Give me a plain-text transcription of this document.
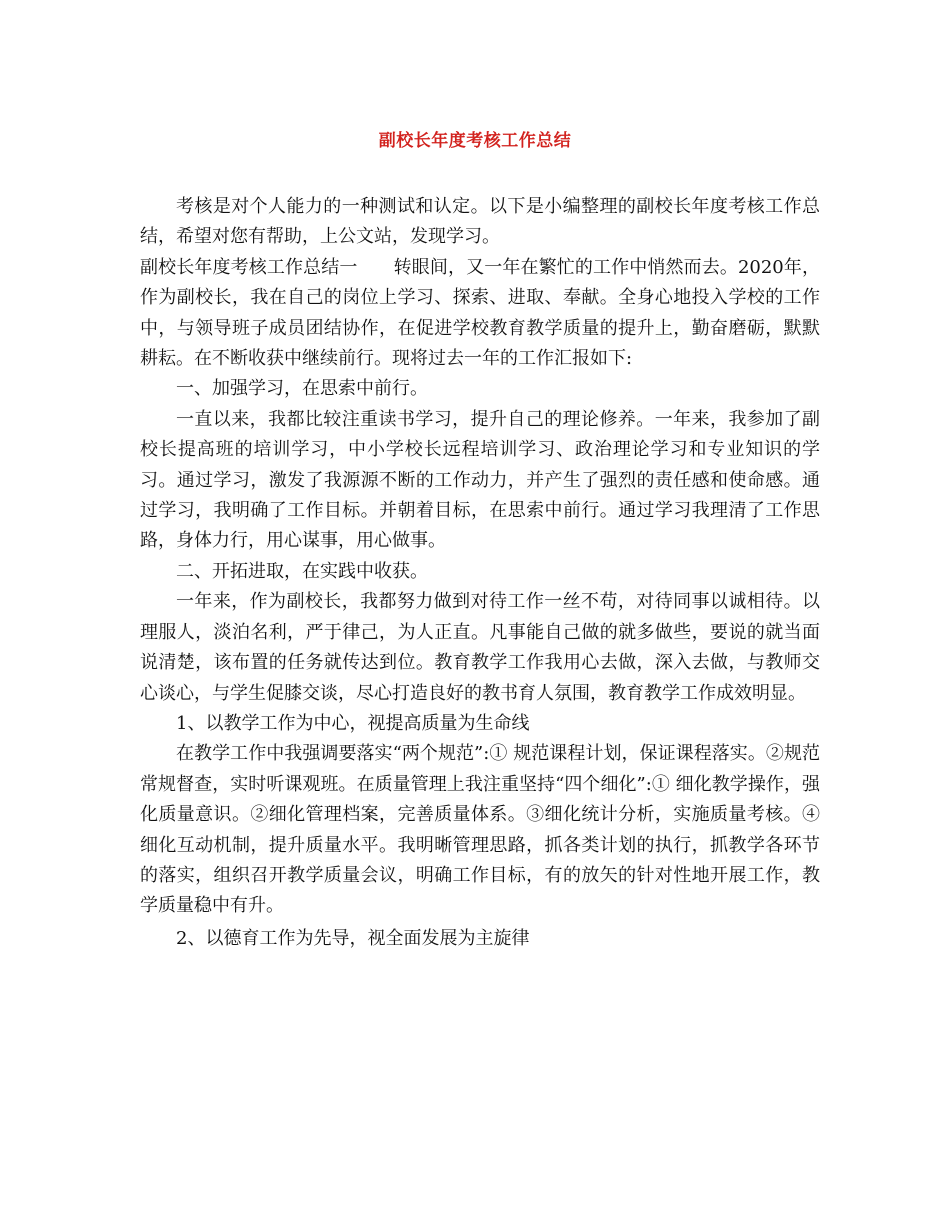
副校长年度考核工作总结

考核是对个人能力的一种测试和认定。以下是小编整理的副校长年度考核工作总结，希望对您有帮助，上公文站，发现学习。

副校长年度考核工作总结一　　转眼间，又一年在繁忙的工作中悄然而去。2020年，作为副校长，我在自己的岗位上学习、探索、进取、奉献。全身心地投入学校的工作中，与领导班子成员团结协作，在促进学校教育教学质量的提升上，勤奋磨砺，默默耕耘。在不断收获中继续前行。现将过去一年的工作汇报如下:

一、加强学习，在思索中前行。

一直以来，我都比较注重读书学习，提升自己的理论修养。一年来，我参加了副校长提高班的培训学习，中小学校长远程培训学习、政治理论学习和专业知识的学习。通过学习，激发了我源源不断的工作动力，并产生了强烈的责任感和使命感。通过学习，我明确了工作目标。并朝着目标，在思索中前行。通过学习我理清了工作思路，身体力行，用心谋事，用心做事。

二、开拓进取，在实践中收获。

一年来，作为副校长，我都努力做到对待工作一丝不苟，对待同事以诚相待。以理服人，淡泊名利，严于律己，为人正直。凡事能自己做的就多做些，要说的就当面说清楚，该布置的任务就传达到位。教育教学工作我用心去做，深入去做，与教师交心谈心，与学生促膝交谈，尽心打造良好的教书育人氛围，教育教学工作成效明显。

1、以教学工作为中心，视提高质量为生命线

在教学工作中我强调要落实“两个规范”:① 规范课程计划，保证课程落实。②规范常规督查，实时听课观班。在质量管理上我注重坚持“四个细化”:① 细化教学操作，强化质量意识。②细化管理档案，完善质量体系。③细化统计分析，实施质量考核。④细化互动机制，提升质量水平。我明晰管理思路，抓各类计划的执行，抓教学各环节的落实，组织召开教学质量会议，明确工作目标，有的放矢的针对性地开展工作，教学质量稳中有升。

2、以德育工作为先导，视全面发展为主旋律
